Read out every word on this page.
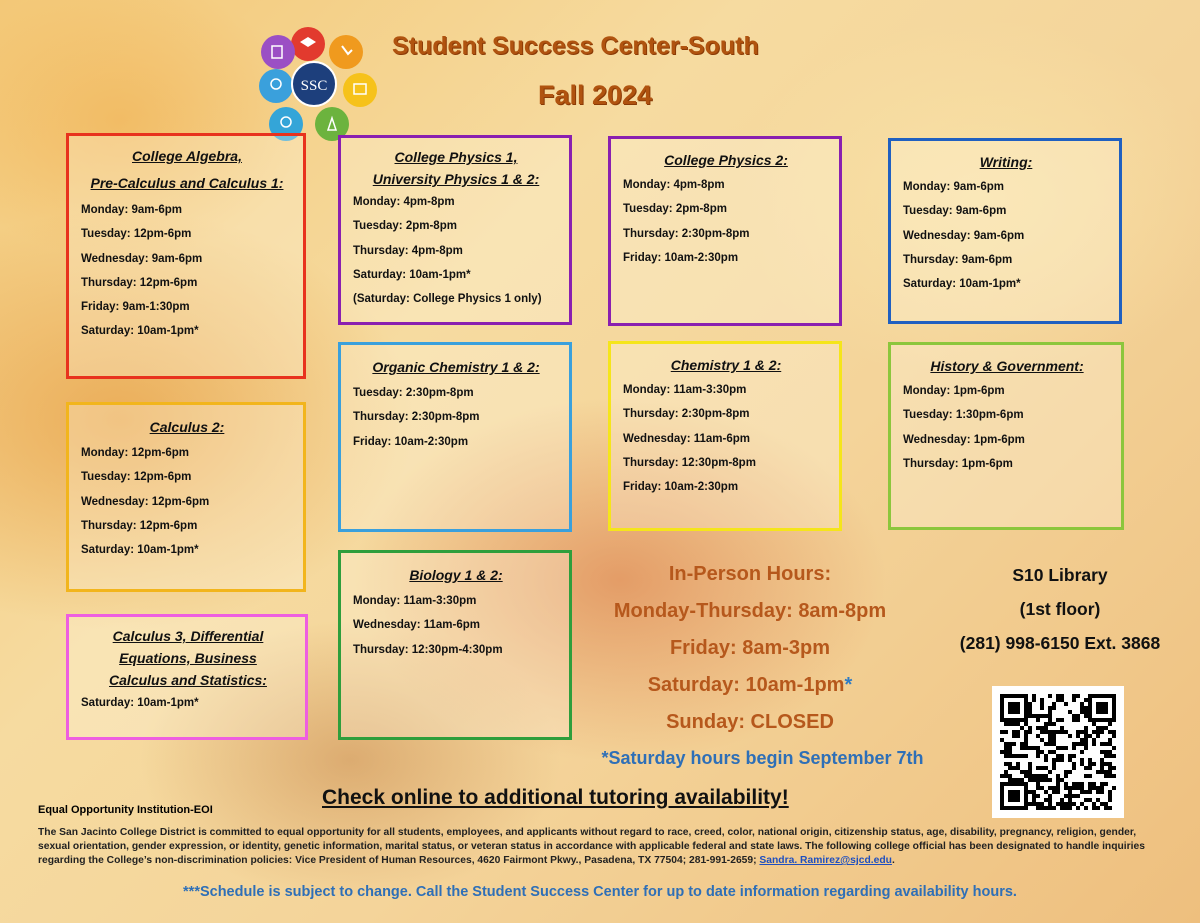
SSC
Student Success Center-South
Fall 2024
College Algebra,
Pre-Calculus and Calculus 1:
Monday: 9am-6pm
Tuesday: 12pm-6pm
Wednesday: 9am-6pm
Thursday: 12pm-6pm
Friday: 9am-1:30pm
Saturday: 10am-1pm*
Calculus 2:
Monday: 12pm-6pm
Tuesday: 12pm-6pm
Wednesday: 12pm-6pm
Thursday: 12pm-6pm
Saturday: 10am-1pm*
Calculus 3, Differential
Equations, Business
Calculus and Statistics:
Saturday: 10am-1pm*
College Physics 1,
University Physics 1 & 2:
Monday: 4pm-8pm
Tuesday: 2pm-8pm
Thursday: 4pm-8pm
Saturday: 10am-1pm*
(Saturday: College Physics 1 only)
Organic Chemistry 1 & 2:
Tuesday: 2:30pm-8pm
Thursday: 2:30pm-8pm
Friday: 10am-2:30pm
Biology 1 & 2:
Monday: 11am-3:30pm
Wednesday: 11am-6pm
Thursday: 12:30pm-4:30pm
College Physics 2:
Monday: 4pm-8pm
Tuesday: 2pm-8pm
Thursday: 2:30pm-8pm
Friday: 10am-2:30pm
Chemistry 1 & 2:
Monday: 11am-3:30pm
Thursday: 2:30pm-8pm
Wednesday: 11am-6pm
Thursday: 12:30pm-8pm
Friday: 10am-2:30pm
Writing:
Monday: 9am-6pm
Tuesday: 9am-6pm
Wednesday: 9am-6pm
Thursday: 9am-6pm
Saturday: 10am-1pm*
History & Government:
Monday: 1pm-6pm
Tuesday: 1:30pm-6pm
Wednesday: 1pm-6pm
Thursday: 1pm-6pm
In-Person Hours:
Monday-Thursday: 8am-8pm
Friday: 8am-3pm
Saturday: 10am-1pm*
Sunday: CLOSED
*Saturday hours begin September 7th
S10 Library
(1st floor)
(281) 998-6150 Ext. 3868
Equal Opportunity Institution-EOI
Check online to additional tutoring availability!
The San Jacinto College District is committed to equal opportunity for all students, employees, and applicants without regard to race, creed, color, national origin, citizenship status, age, disability, pregnancy, religion, gender, sexual orientation, gender expression, or identity, genetic information, marital status, or veteran status in accordance with applicable federal and state laws. The following college official has been designated to handle inquiries regarding the College’s non-discrimination policies: Vice President of Human Resources, 4620 Fairmont Pkwy., Pasadena, TX 77504; 281-991-2659; Sandra. Ramirez@sjcd.edu.
***Schedule is subject to change. Call the Student Success Center for up to date information regarding availability hours.
